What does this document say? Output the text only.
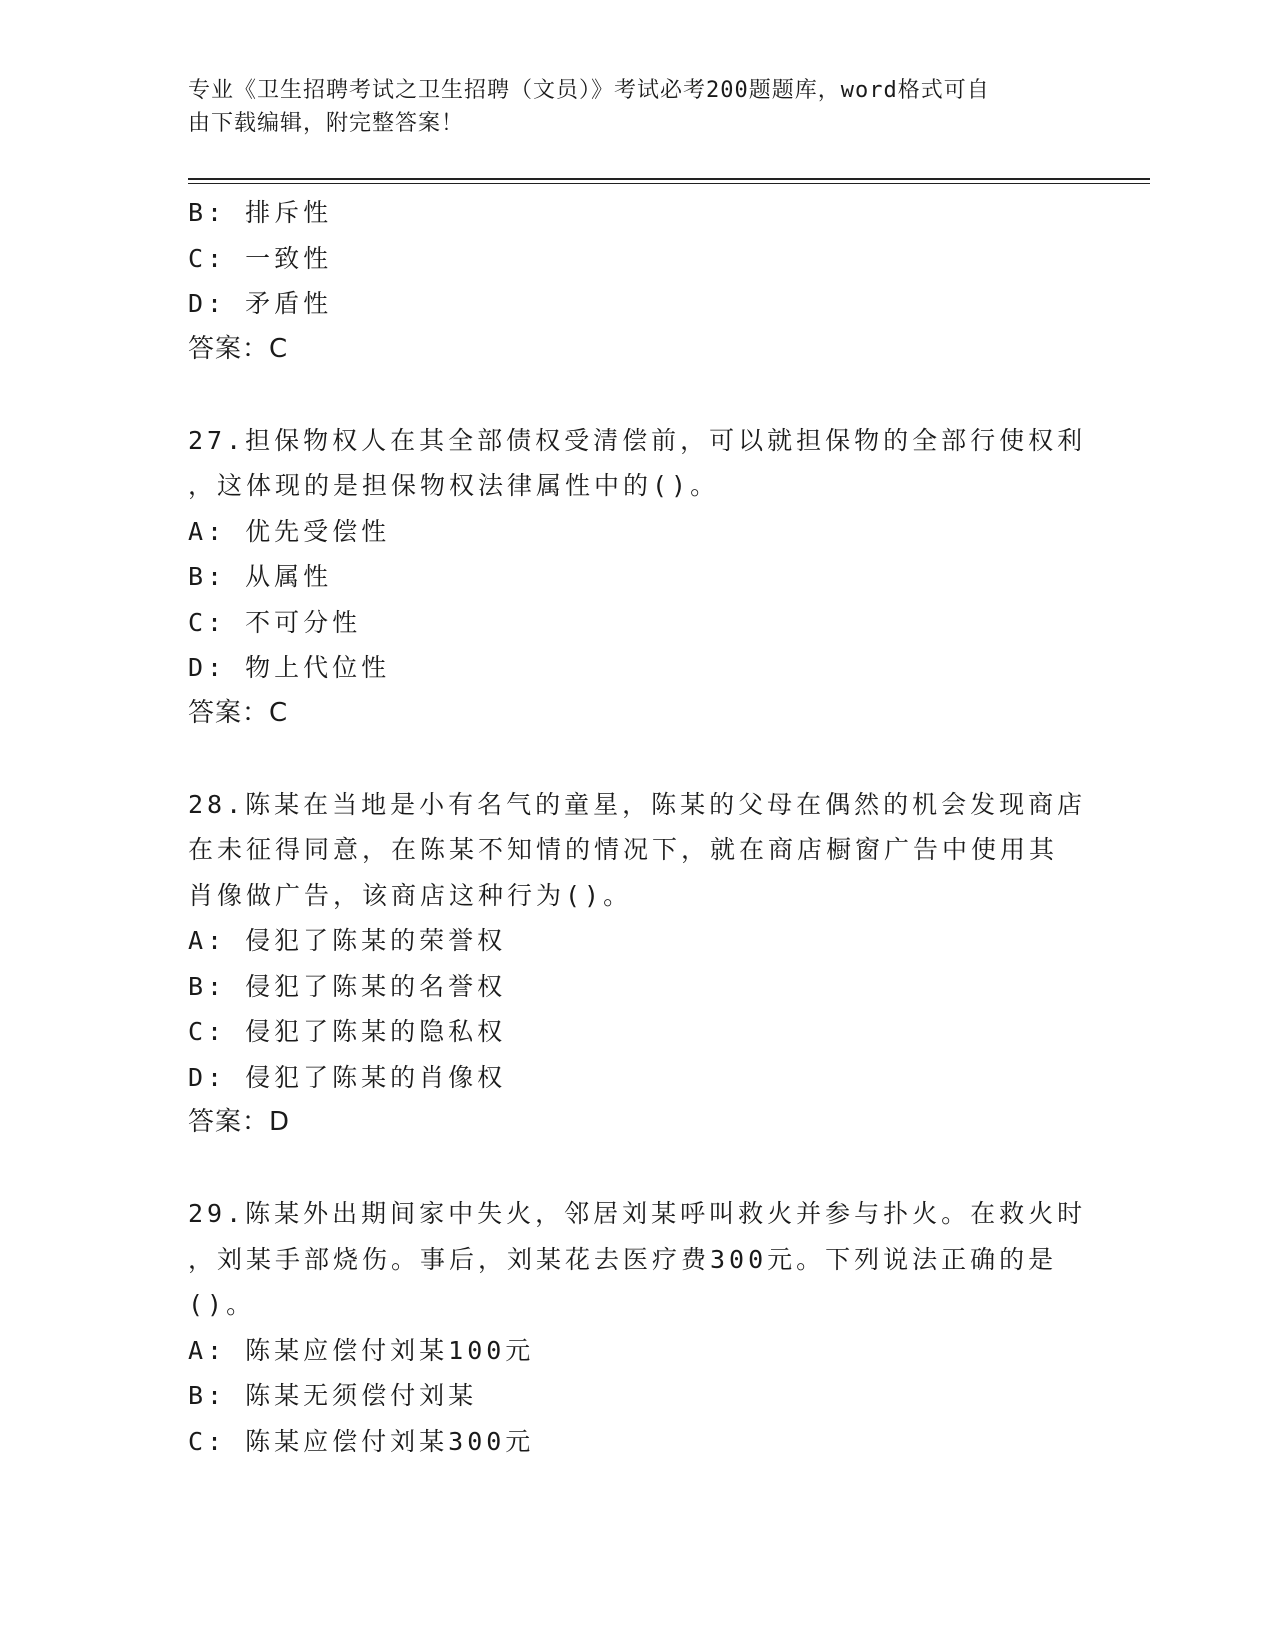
专业《卫生招聘考试之卫生招聘（文员）》考试必考200题题库，word格式可自
由下载编辑，附完整答案！
B: 排斥性
C: 一致性
D: 矛盾性
答案：C
27.担保物权人在其全部债权受清偿前，可以就担保物的全部行使权利
，这体现的是担保物权法律属性中的()。
A: 优先受偿性
B: 从属性
C: 不可分性
D: 物上代位性
答案：C
28.陈某在当地是小有名气的童星，陈某的父母在偶然的机会发现商店
在未征得同意，在陈某不知情的情况下，就在商店橱窗广告中使用其
肖像做广告，该商店这种行为()。
A: 侵犯了陈某的荣誉权
B: 侵犯了陈某的名誉权
C: 侵犯了陈某的隐私权
D: 侵犯了陈某的肖像权
答案：D
29.陈某外出期间家中失火，邻居刘某呼叫救火并参与扑火。在救火时
，刘某手部烧伤。事后，刘某花去医疗费300元。下列说法正确的是
()。
A: 陈某应偿付刘某100元
B: 陈某无须偿付刘某
C: 陈某应偿付刘某300元
